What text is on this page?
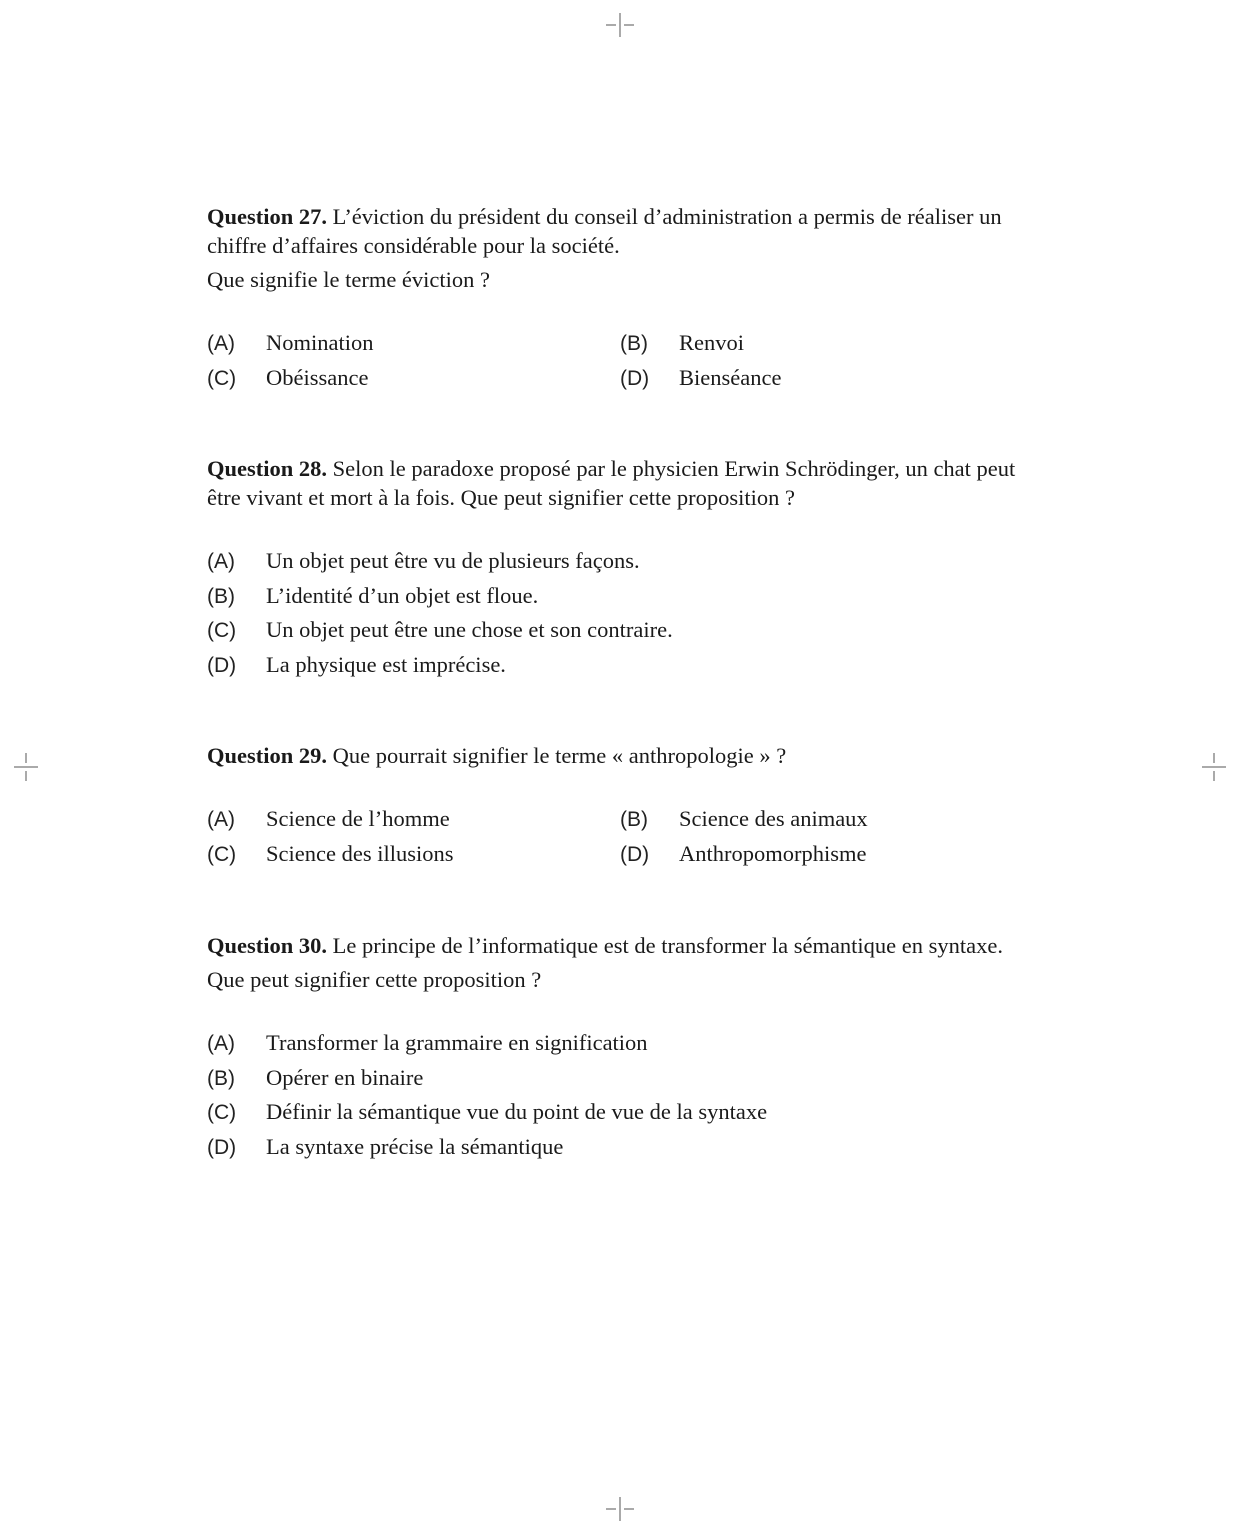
Question 27. L’éviction du président du conseil d’administration a permis de réaliser un chiffre d’affaires considérable pour la société.

Que signifie le terme éviction ?

(A)	Nomination	(B)	Renvoi
(C)	Obéissance	(D)	Bienséance

Question 28. Selon le paradoxe proposé par le physicien Erwin Schrödinger, un chat peut être vivant et mort à la fois. Que peut signifier cette proposition ?

(A)	Un objet peut être vu de plusieurs façons.
(B)	L’identité d’un objet est floue.
(C)	Un objet peut être une chose et son contraire.
(D)	La physique est imprécise.

Question 29. Que pourrait signifier le terme « anthropologie » ?

(A)	Science de l’homme	(B)	Science des animaux
(C)	Science des illusions	(D)	Anthropomorphisme

Question 30. Le principe de l’informatique est de transformer la sémantique en syntaxe.

Que peut signifier cette proposition ?

(A)	Transformer la grammaire en signification
(B)	Opérer en binaire
(C)	Définir la sémantique vue du point de vue de la syntaxe
(D)	La syntaxe précise la sémantique
